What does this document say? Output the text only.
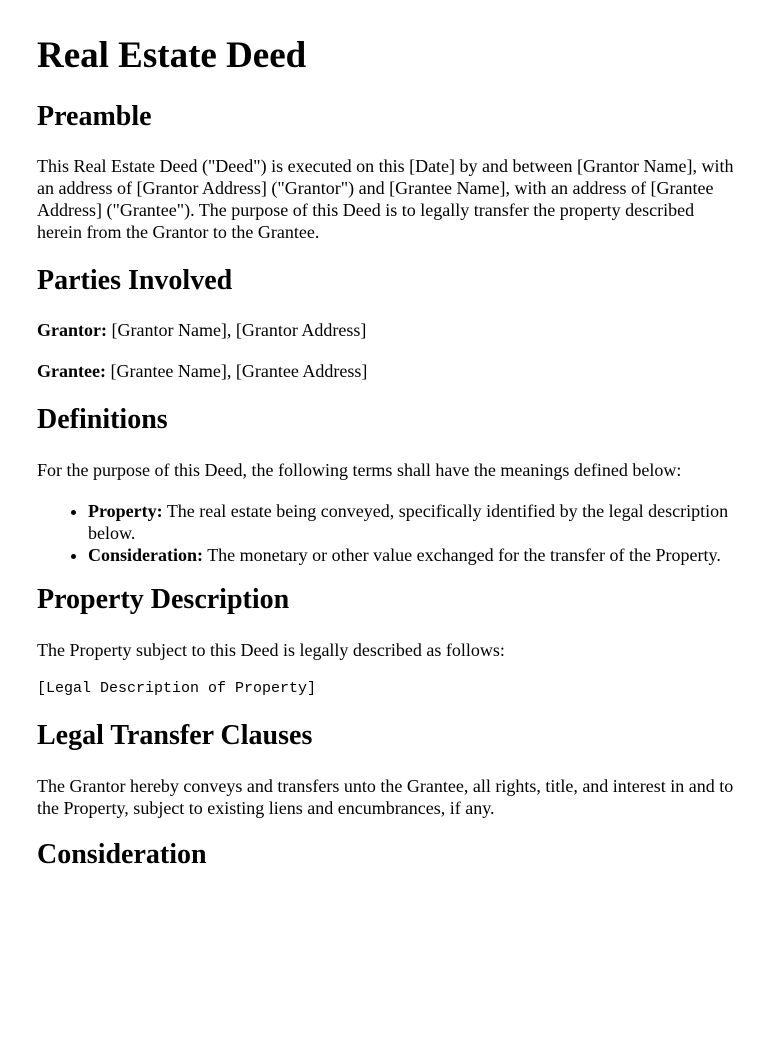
Real Estate Deed
Preamble

This Real Estate Deed ("Deed") is executed on this [Date] by and between [Grantor Name], with an address of [Grantor Address] ("Grantor") and [Grantee Name], with an address of [Grantee Address] ("Grantee"). The purpose of this Deed is to legally transfer the property described herein from the Grantor to the Grantee.

Parties Involved

Grantor: [Grantor Name], [Grantor Address]

Grantee: [Grantee Name], [Grantee Address]

Definitions

For the purpose of this Deed, the following terms shall have the meanings defined below:

• Property: The real estate being conveyed, specifically identified by the legal description below.
• Consideration: The monetary or other value exchanged for the transfer of the Property.
Property Description

The Property subject to this Deed is legally described as follows:

[Legal Description of Property]
Legal Transfer Clauses

The Grantor hereby conveys and transfers unto the Grantee, all rights, title, and interest in and to the Property, subject to existing liens and encumbrances, if any.

Consideration
